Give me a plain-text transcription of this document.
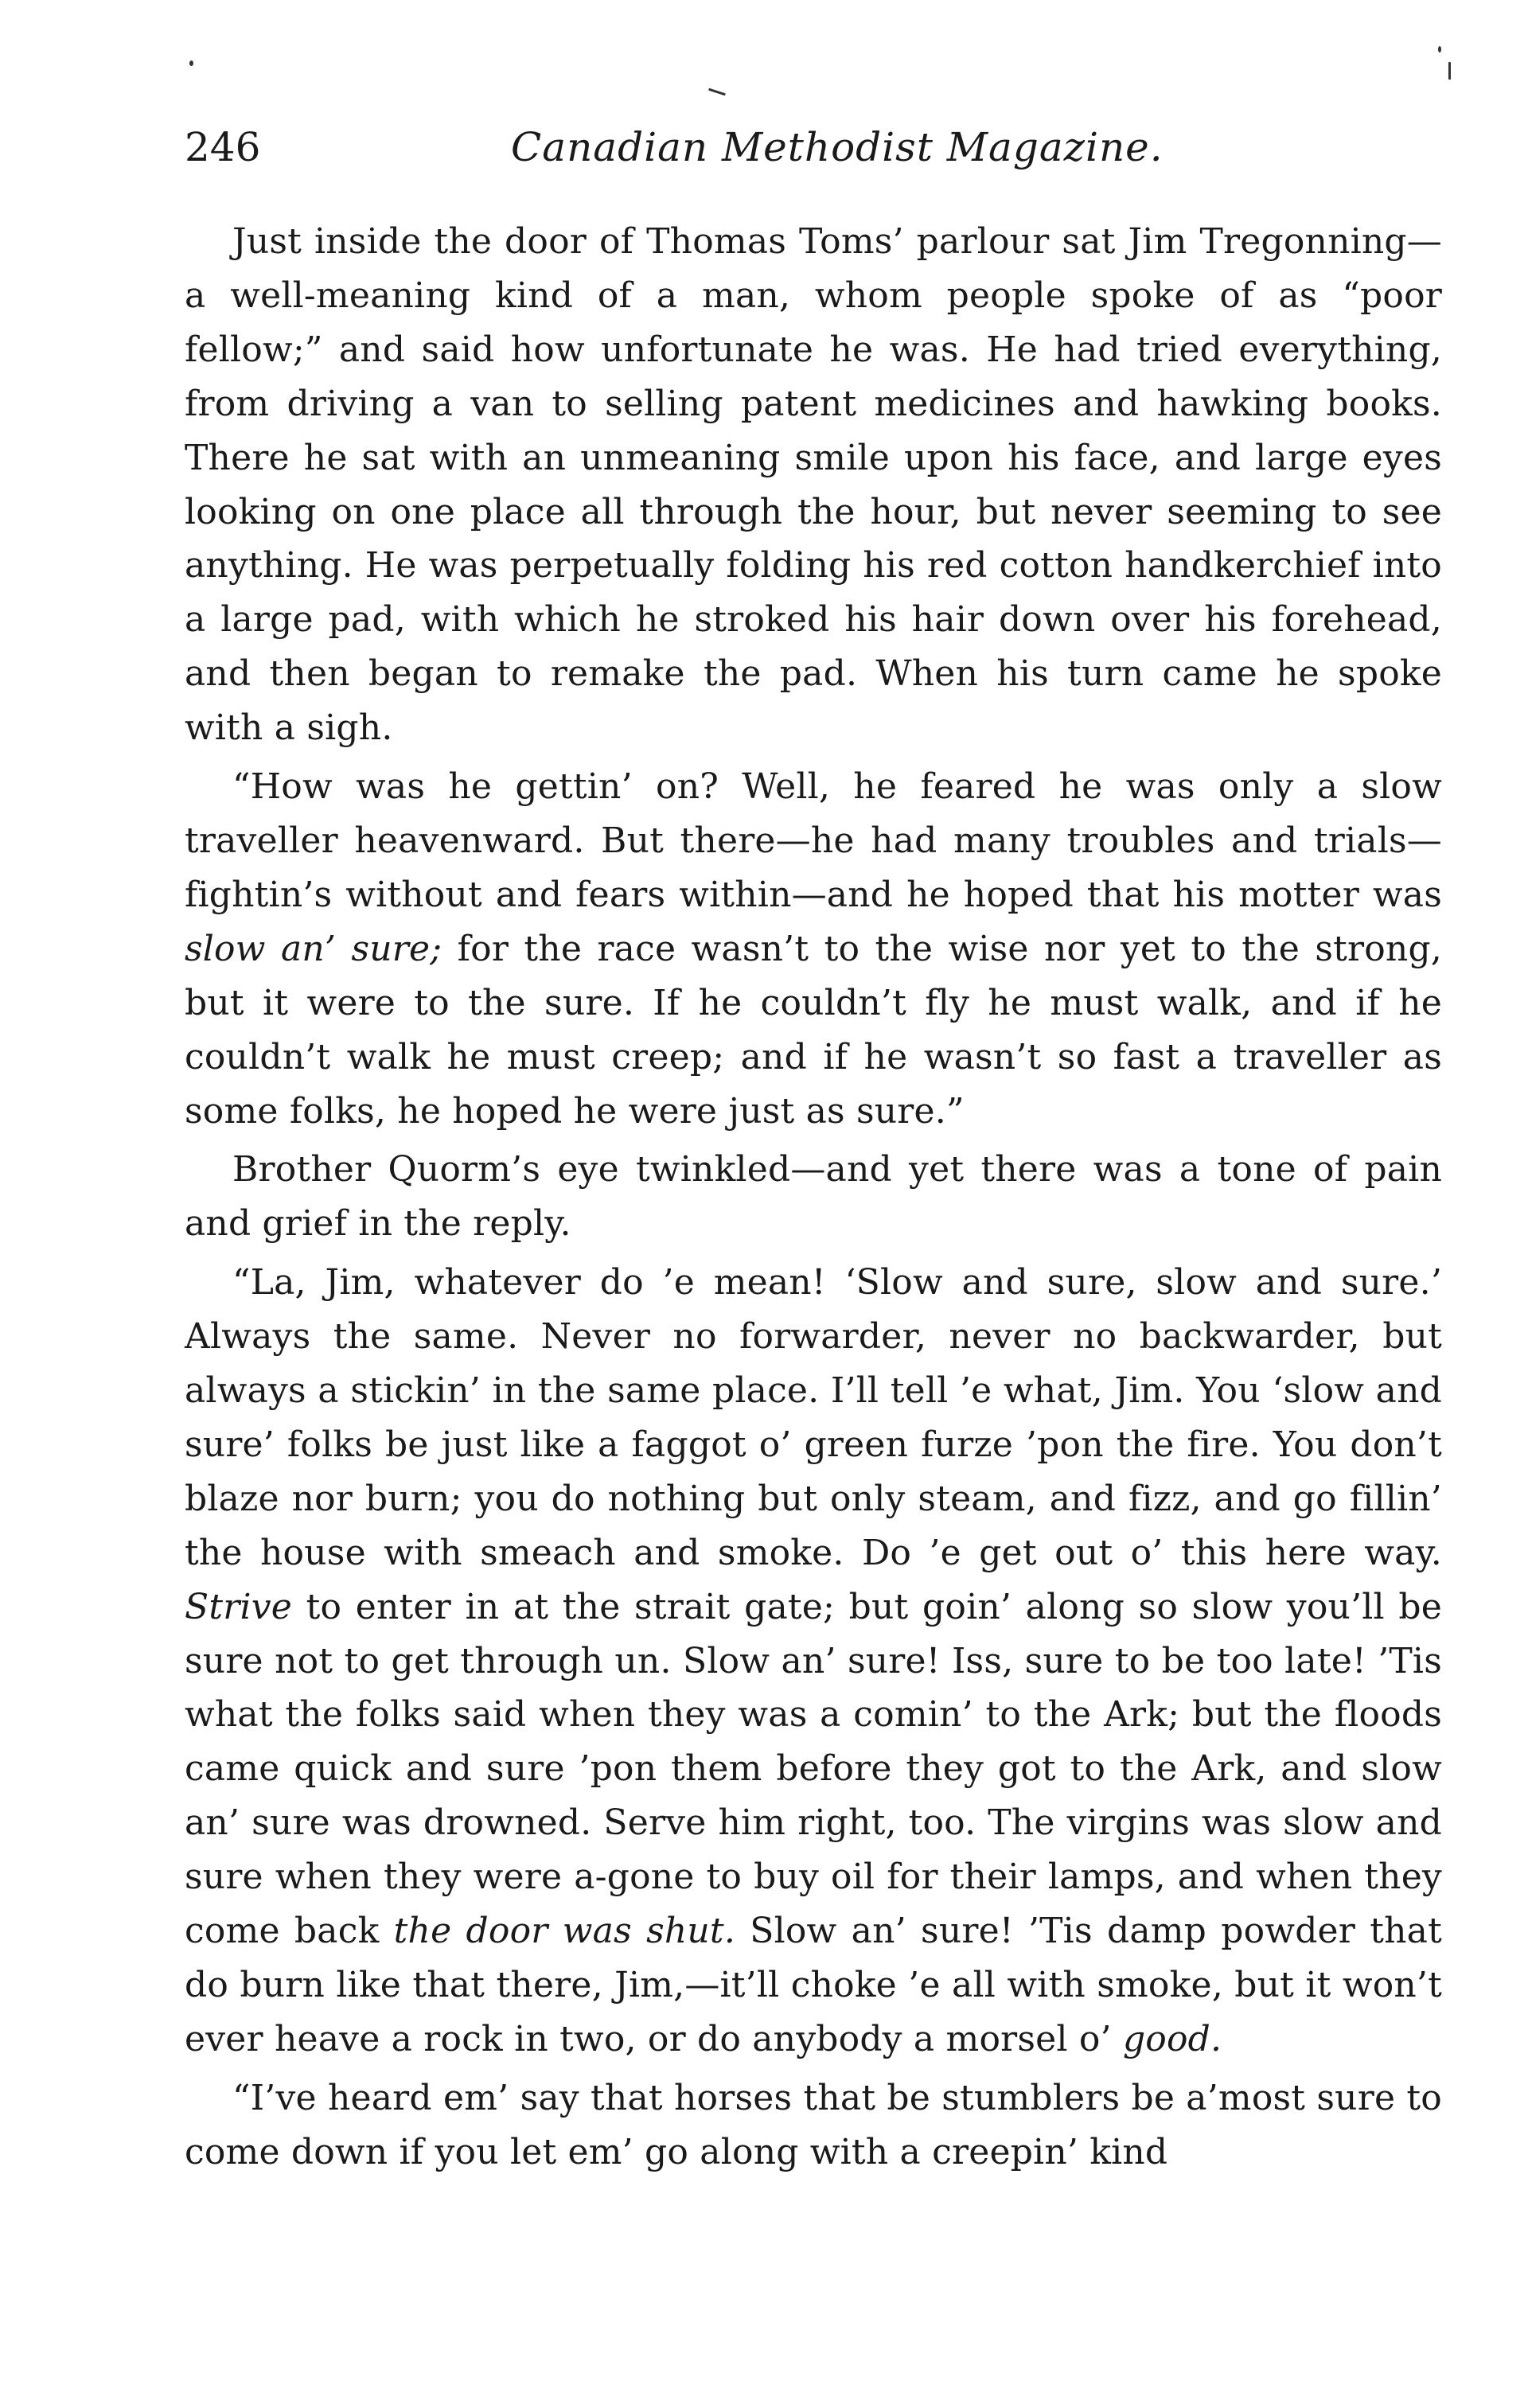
246	Canadian Methodist Magazine.

Just inside the door of Thomas Toms’ parlour sat Jim Tregonning—a well-meaning kind of a man, whom people spoke of as “poor fellow;” and said how unfortunate he was. He had tried everything, from driving a van to selling patent medicines and hawking books. There he sat with an unmeaning smile upon his face, and large eyes looking on one place all through the hour, but never seeming to see anything. He was perpetually folding his red cotton handkerchief into a large pad, with which he stroked his hair down over his forehead, and then began to remake the pad. When his turn came he spoke with a sigh.

“How was he gettin’ on? Well, he feared he was only a slow traveller heavenward. But there—he had many troubles and trials—fightin’s without and fears within—and he hoped that his motter was slow an’ sure; for the race wasn’t to the wise nor yet to the strong, but it were to the sure. If he couldn’t fly he must walk, and if he couldn’t walk he must creep; and if he wasn’t so fast a traveller as some folks, he hoped he were just as sure.”

Brother Quorm’s eye twinkled—and yet there was a tone of pain and grief in the reply.

“La, Jim, whatever do ’e mean! ‘Slow and sure, slow and sure.’ Always the same. Never no forwarder, never no backwarder, but always a stickin’ in the same place. I’ll tell ’e what, Jim. You ‘slow and sure’ folks be just like a faggot o’ green furze ’pon the fire. You don’t blaze nor burn; you do nothing but only steam, and fizz, and go fillin’ the house with smeach and smoke. Do ’e get out o’ this here way. Strive to enter in at the strait gate; but goin’ along so slow you’ll be sure not to get through un. Slow an’ sure! Iss, sure to be too late! ’Tis what the folks said when they was a comin’ to the Ark; but the floods came quick and sure ’pon them before they got to the Ark, and slow an’ sure was drowned. Serve him right, too. The virgins was slow and sure when they were a-gone to buy oil for their lamps, and when they come back the door was shut. Slow an’ sure! ’Tis damp powder that do burn like that there, Jim,—it’ll choke ’e all with smoke, but it won’t ever heave a rock in two, or do anybody a morsel o’ good.

“I’ve heard em’ say that horses that be stumblers be a’most sure to come down if you let em’ go along with a creepin’ kind
